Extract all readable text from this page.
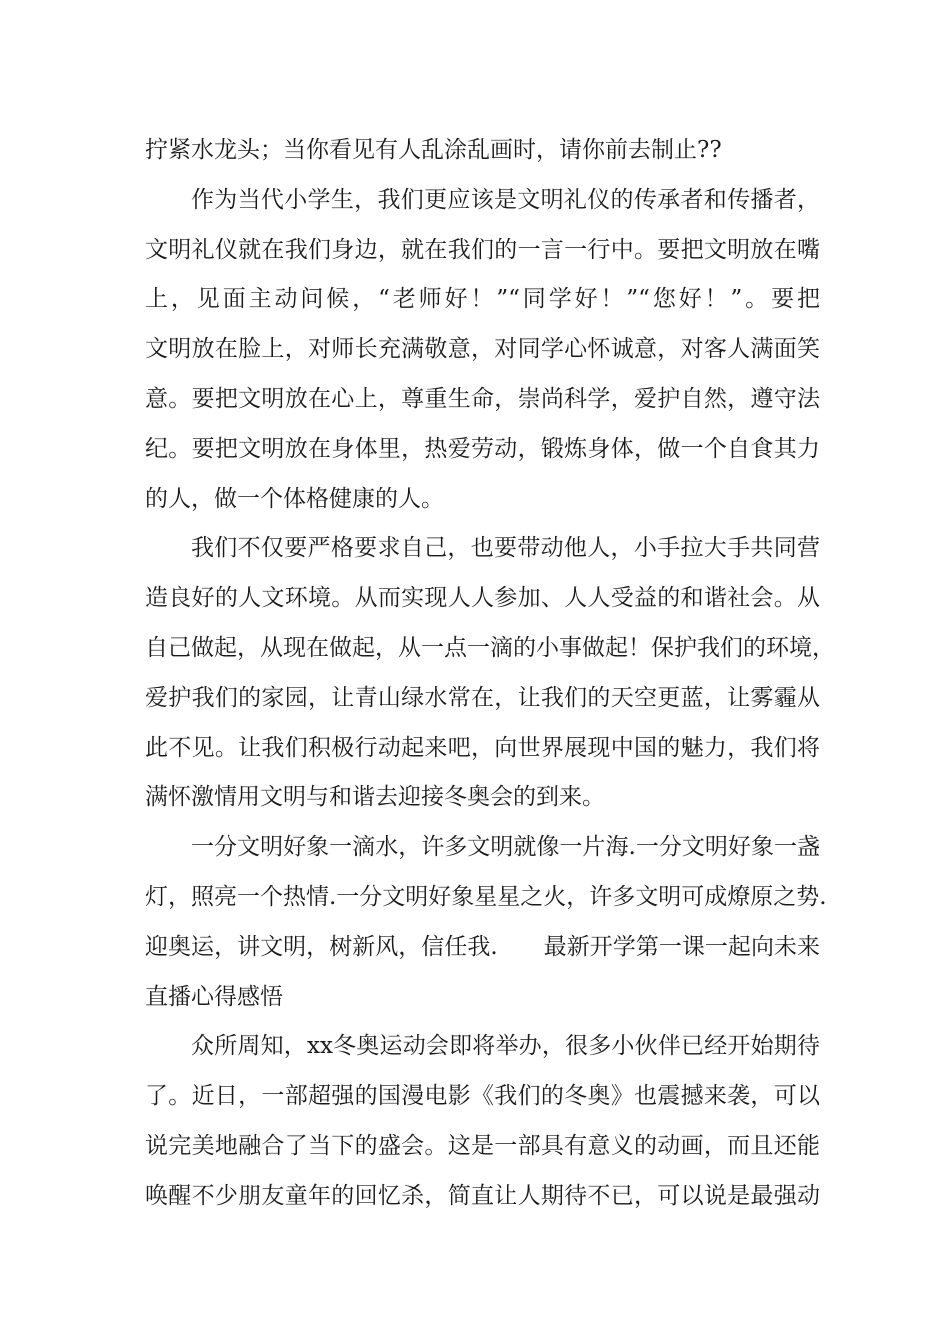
拧紧水龙头；当你看见有人乱涂乱画时，请你前去制止??
作为当代小学生，我们更应该是文明礼仪的传承者和传播者，
文明礼仪就在我们身边，就在我们的一言一行中。要把文明放在嘴
上，见面主动问候，“老师好！”“同学好！”“您好！”。要把
文明放在脸上，对师长充满敬意，对同学心怀诚意，对客人满面笑
意。要把文明放在心上，尊重生命，崇尚科学，爱护自然，遵守法
纪。要把文明放在身体里，热爱劳动，锻炼身体，做一个自食其力
的人，做一个体格健康的人。
我们不仅要严格要求自己，也要带动他人，小手拉大手共同营
造良好的人文环境。从而实现人人参加、人人受益的和谐社会。从
自己做起，从现在做起，从一点一滴的小事做起！保护我们的环境，
爱护我们的家园，让青山绿水常在，让我们的天空更蓝，让雾霾从
此不见。让我们积极行动起来吧，向世界展现中国的魅力，我们将
满怀激情用文明与和谐去迎接冬奥会的到来。
一分文明好象一滴水，许多文明就像一片海.一分文明好象一盏
灯，照亮一个热情.一分文明好象星星之火，许多文明可成燎原之势.
迎奥运，讲文明，树新风，信任我.　　最新开学第一课一起向未来
直播心得感悟
众所周知，xx冬奥运动会即将举办，很多小伙伴已经开始期待
了。近日，一部超强的国漫电影《我们的冬奥》也震撼来袭，可以
说完美地融合了当下的盛会。这是一部具有意义的动画，而且还能
唤醒不少朋友童年的回忆杀，简直让人期待不已，可以说是最强动
